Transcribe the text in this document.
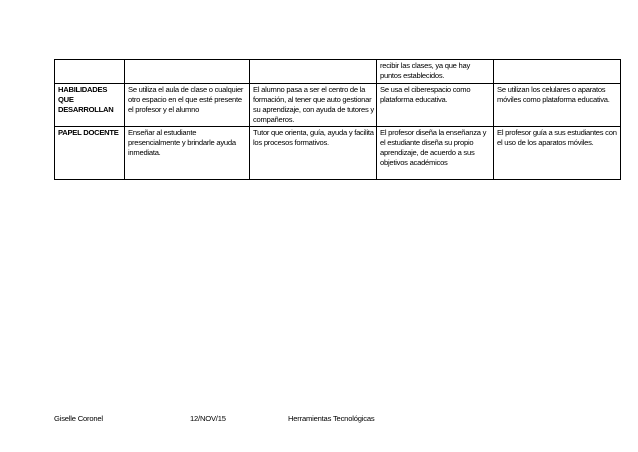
			recibir las clases, ya que hay puntos establecidos.	
HABILIDADES QUE DESARROLLAN	Se utiliza el aula de clase o cualquier otro espacio en el que esté presente el profesor y el alumno	El alumno pasa a ser el centro de la formación, al tener que auto gestionar su aprendizaje, con ayuda de tutores y compañeros.	Se usa el ciberespacio como plataforma educativa.	Se utilizan los celulares o aparatos móviles como plataforma educativa.
PAPEL DOCENTE	Enseñar al estudiante presencialmente y brindarle ayuda inmediata.	Tutor que orienta, guía, ayuda y facilita los procesos formativos.	El profesor diseña la enseñanza y el estudiante diseña su propio aprendizaje, de acuerdo a sus objetivos académicos	El profesor guía a sus estudiantes con el uso de los aparatos móviles.
Giselle Coronel	12/NOV/15	Herramientas Tecnológicas
